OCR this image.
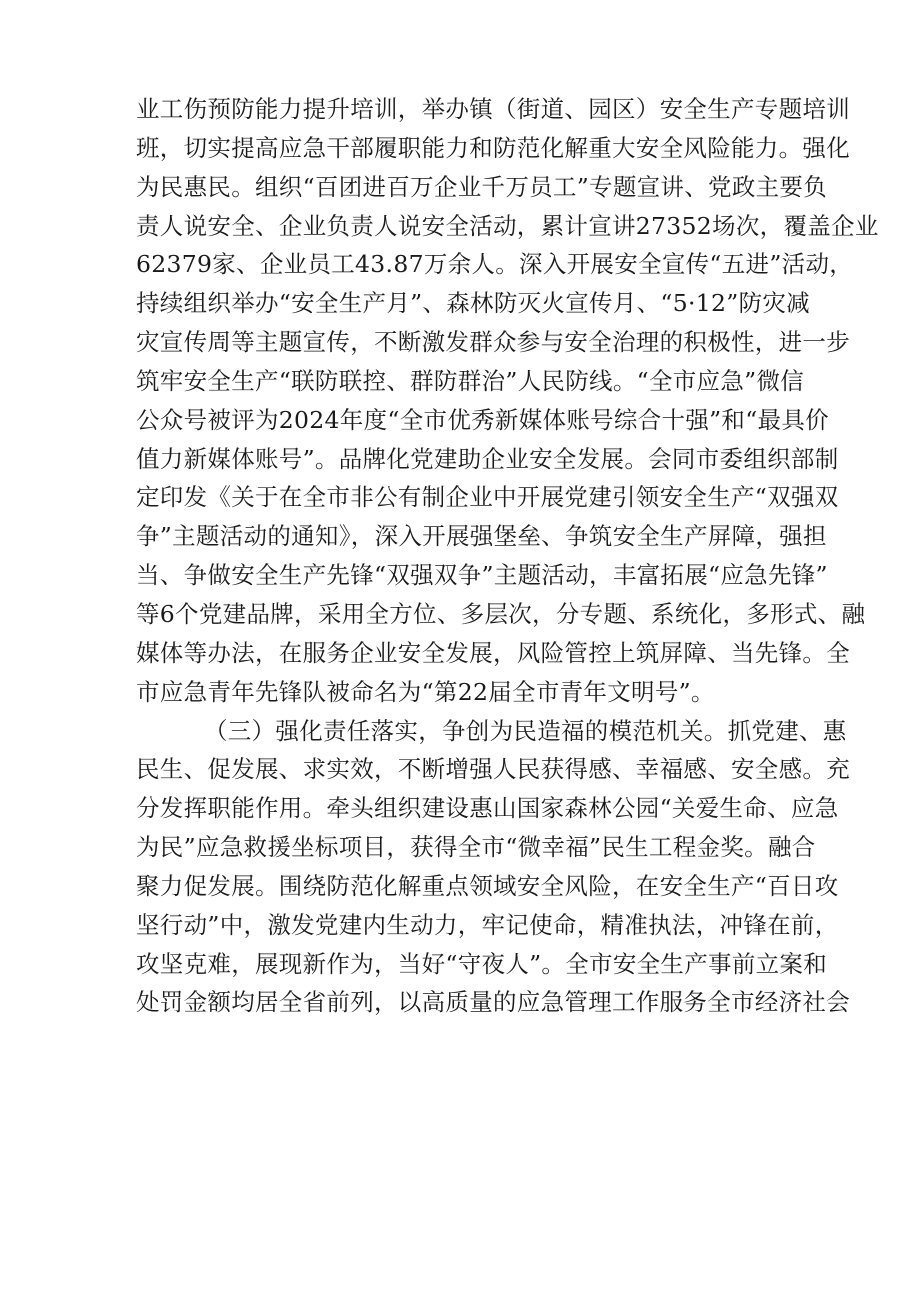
业工伤预防能力提升培训，举办镇（街道、园区）安全生产专题培训
班，切实提高应急干部履职能力和防范化解重大安全风险能力。强化
为民惠民。组织“百团进百万企业千万员工”专题宣讲、党政主要负
责人说安全、企业负责人说安全活动，累计宣讲27352场次，覆盖企业
62379家、企业员工43.87万余人。深入开展安全宣传“五进”活动，
持续组织举办“安全生产月”、森林防灭火宣传月、“5·12”防灾减
灾宣传周等主题宣传，不断激发群众参与安全治理的积极性，进一步
筑牢安全生产“联防联控、群防群治”人民防线。“全市应急”微信
公众号被评为2024年度“全市优秀新媒体账号综合十强”和“最具价
值力新媒体账号”。品牌化党建助企业安全发展。会同市委组织部制
定印发《关于在全市非公有制企业中开展党建引领安全生产“双强双
争”主题活动的通知》，深入开展强堡垒、争筑安全生产屏障，强担
当、争做安全生产先锋“双强双争”主题活动，丰富拓展“应急先锋”
等6个党建品牌，采用全方位、多层次，分专题、系统化，多形式、融
媒体等办法，在服务企业安全发展，风险管控上筑屏障、当先锋。全
市应急青年先锋队被命名为“第22届全市青年文明号”。
（三）强化责任落实，争创为民造福的模范机关。抓党建、惠
民生、促发展、求实效，不断增强人民获得感、幸福感、安全感。充
分发挥职能作用。牵头组织建设惠山国家森林公园“关爱生命、应急
为民”应急救援坐标项目，获得全市“微幸福”民生工程金奖。融合
聚力促发展。围绕防范化解重点领域安全风险，在安全生产“百日攻
坚行动”中，激发党建内生动力，牢记使命，精准执法，冲锋在前，
攻坚克难，展现新作为，当好“守夜人”。全市安全生产事前立案和
处罚金额均居全省前列，以高质量的应急管理工作服务全市经济社会
